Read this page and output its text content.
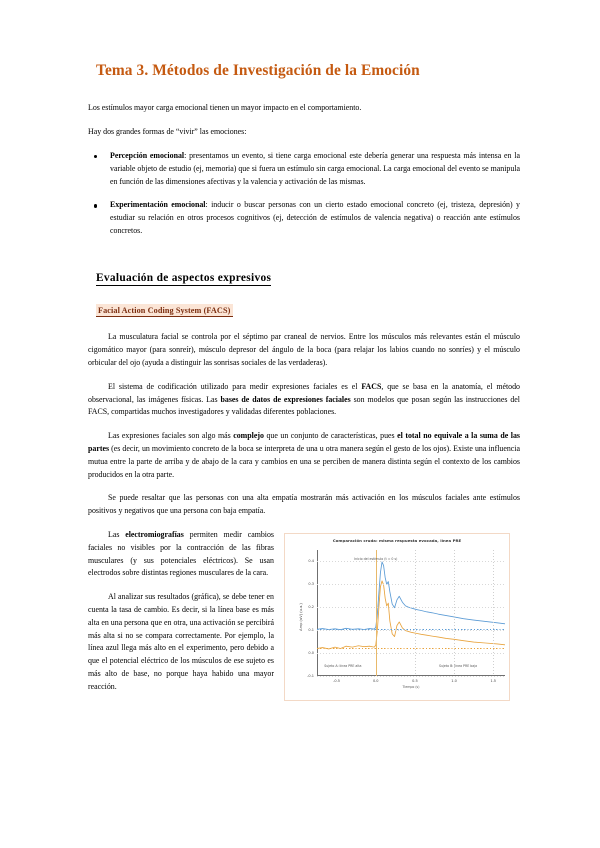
Tema 3. Métodos de Investigación de la Emoción

Los estímulos mayor carga emocional tienen un mayor impacto en el comportamiento.

Hay dos grandes formas de “vivir” las emociones:

Percepción emocional: presentamos un evento, si tiene carga emocional este debería generar una respuesta más intensa en la variable objeto de estudio (ej, memoria) que si fuera un estímulo sin carga emocional. La carga emocional del evento se manipula en función de las dimensiones afectivas y la valencia y activación de las mismas.
Experimentación emocional: inducir o buscar personas con un cierto estado emocional concreto (ej, tristeza, depresión) y estudiar su relación en otros procesos cognitivos (ej, detección de estímulos de valencia negativa) o reacción ante estímulos concretos.
Evaluación de aspectos expresivos
Facial Action Coding System (FACS)

La musculatura facial se controla por el séptimo par craneal de nervios. Entre los músculos más relevantes están el músculo cigomático mayor (para sonreír), músculo depresor del ángulo de la boca (para relajar los labios cuando no sonríes) y el músculo orbicular del ojo (ayuda a distinguir las sonrisas sociales de las verdaderas).

El sistema de codificación utilizado para medir expresiones faciales es el FACS, que se basa en la anatomía, el método observacional, las imágenes físicas. Las bases de datos de expresiones faciales son modelos que posan según las instrucciones del FACS, compartidas muchos investigadores y validadas diferentes poblaciones.

Las expresiones faciales son algo más complejo que un conjunto de características, pues el total no equivale a la suma de las partes (es decir, un movimiento concreto de la boca se interpreta de una u otra manera según el gesto de los ojos). Existe una influencia mutua entre la parte de arriba y de abajo de la cara y cambios en una se perciben de manera distinta según el contexto de los cambios producidos en la otra parte.

Se puede resaltar que las personas con una alta empatía mostrarán más activación en los músculos faciales ante estímulos positivos y negativos que una persona con baja empatía.

Las electromiografías permiten medir cambios faciales no visibles por la contracción de las fibras musculares (y sus potenciales eléctricos). Se usan electrodos sobre distintas regiones musculares de la cara.

Al analizar sus resultados (gráfica), se debe tener en cuenta la tasa de cambio. Es decir, si la línea base es más alta en una persona que en otra, una activación se percibirá más alta si no se compara correctamente. Por ejemplo, la línea azul llega más alto en el experimento, pero debido a que el potencial eléctrico de los músculos de ese sujeto es más alto de base, no porque haya habido una mayor reacción.

Comparación cruda: misma respuesta evocada, línea PRE
Amp (uV) (u.a.)
-0.5	0.0	0.5	1.0	1.5
0.4
0.3
0.2
0.1
0.0
-0.1
Inicio del estímulo (t = 0 s)
Sujeto A: línea PRE alta	Sujeto B: línea PRE baja
Tiempo (s)
